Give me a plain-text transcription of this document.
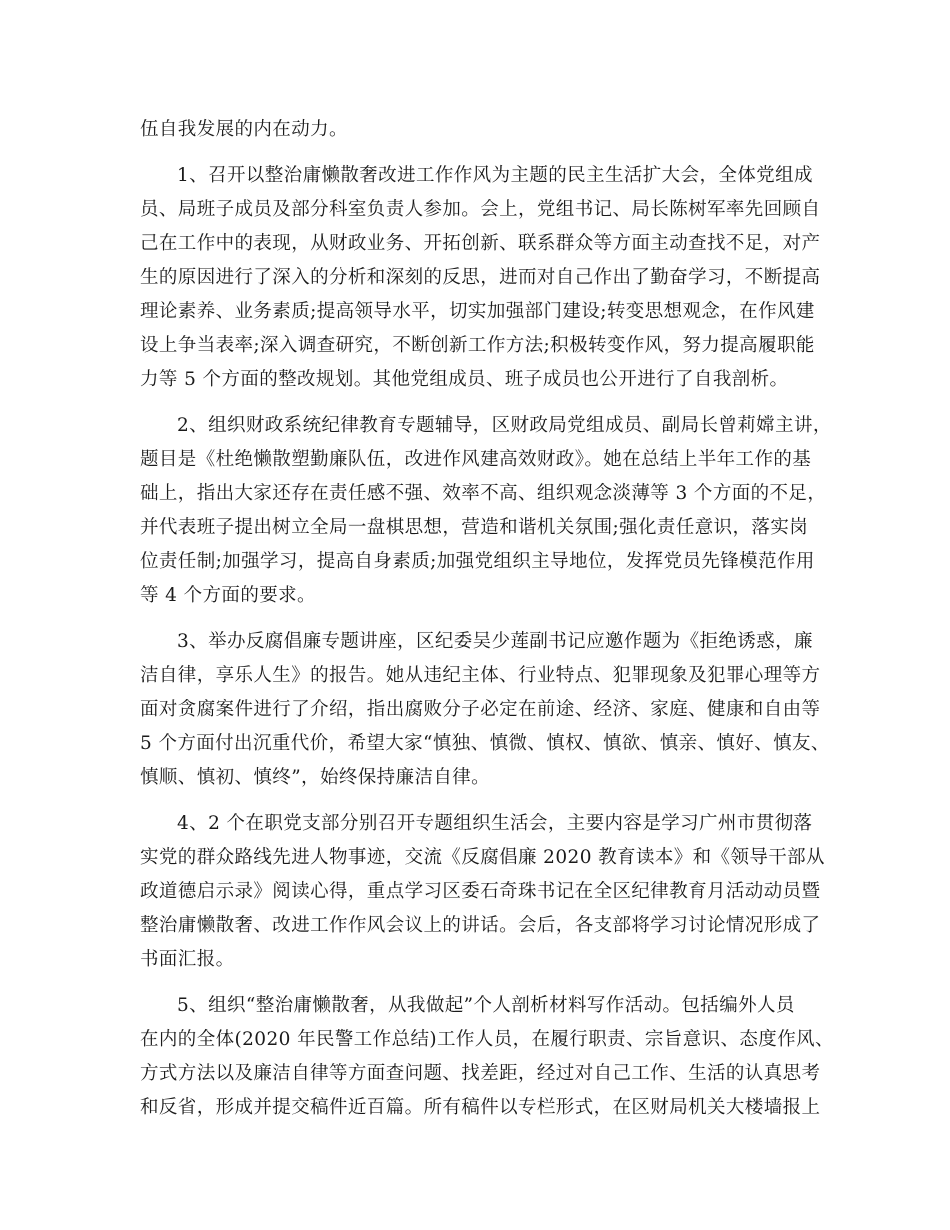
伍自我发展的内在动力。

1、召开以整治庸懒散奢改进工作作风为主题的民主生活扩大会，全体党组成
员、局班子成员及部分科室负责人参加。会上，党组书记、局长陈树军率先回顾自
己在工作中的表现，从财政业务、开拓创新、联系群众等方面主动查找不足，对产
生的原因进行了深入的分析和深刻的反思，进而对自己作出了勤奋学习，不断提高
理论素养、业务素质;提高领导水平，切实加强部门建设;转变思想观念，在作风建
设上争当表率;深入调查研究，不断创新工作方法;积极转变作风，努力提高履职能
力等 5 个方面的整改规划。其他党组成员、班子成员也公开进行了自我剖析。

2、组织财政系统纪律教育专题辅导，区财政局党组成员、副局长曾莉嫦主讲，
题目是《杜绝懒散塑勤廉队伍，改进作风建高效财政》。她在总结上半年工作的基
础上，指出大家还存在责任感不强、效率不高、组织观念淡薄等 3 个方面的不足，
并代表班子提出树立全局一盘棋思想，营造和谐机关氛围;强化责任意识，落实岗
位责任制;加强学习，提高自身素质;加强党组织主导地位，发挥党员先锋模范作用
等 4 个方面的要求。

3、举办反腐倡廉专题讲座，区纪委吴少莲副书记应邀作题为《拒绝诱惑，廉
洁自律，享乐人生》的报告。她从违纪主体、行业特点、犯罪现象及犯罪心理等方
面对贪腐案件进行了介绍，指出腐败分子必定在前途、经济、家庭、健康和自由等
5 个方面付出沉重代价，希望大家“慎独、慎微、慎权、慎欲、慎亲、慎好、慎友、
慎顺、慎初、慎终”，始终保持廉洁自律。

4、2 个在职党支部分别召开专题组织生活会，主要内容是学习广州市贯彻落
实党的群众路线先进人物事迹，交流《反腐倡廉 2020 教育读本》和《领导干部从
政道德启示录》阅读心得，重点学习区委石奇珠书记在全区纪律教育月活动动员暨
整治庸懒散奢、改进工作作风会议上的讲话。会后，各支部将学习讨论情况形成了
书面汇报。

5、组织“整治庸懒散奢，从我做起”个人剖析材料写作活动。包括编外人员
在内的全体(2020 年民警工作总结)工作人员，在履行职责、宗旨意识、态度作风、
方式方法以及廉洁自律等方面查问题、找差距，经过对自己工作、生活的认真思考
和反省，形成并提交稿件近百篇。所有稿件以专栏形式，在区财局机关大楼墙报上
